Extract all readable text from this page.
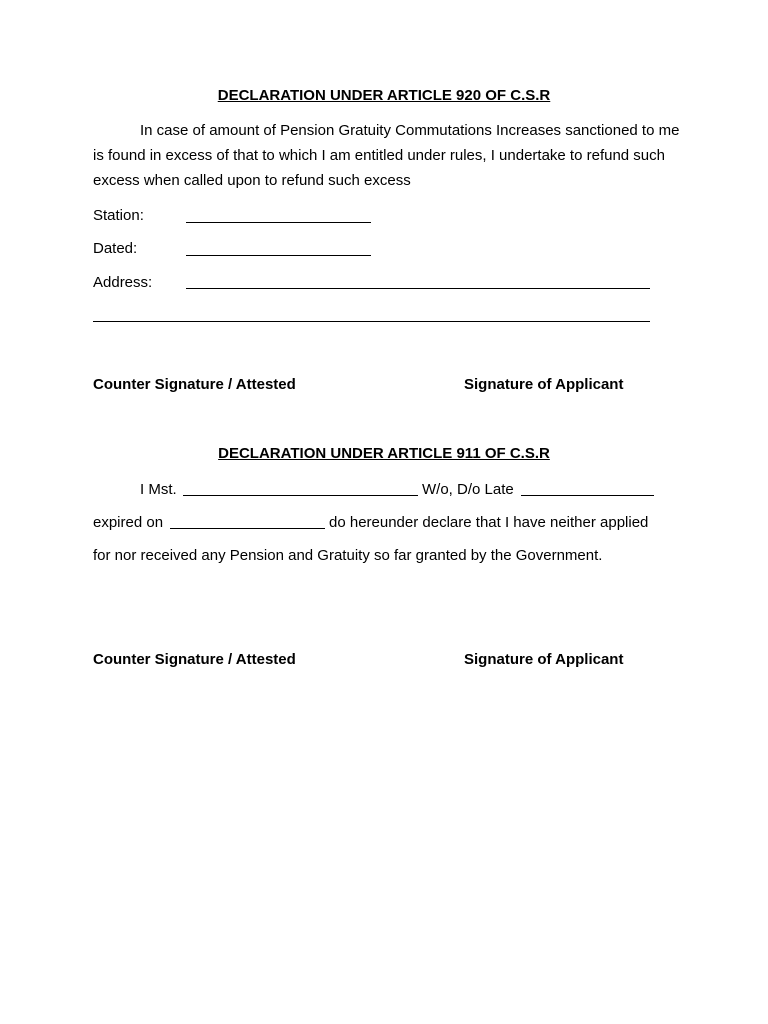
DECLARATION UNDER ARTICLE 920 OF C.S.R
In case of amount of Pension Gratuity Commutations Increases sanctioned to me is found in excess of that to which I am entitled under rules, I undertake to refund such excess when called upon to refund such excess
Station:
Dated:
Address:
Counter Signature / Attested	Signature of Applicant
DECLARATION UNDER ARTICLE 911 OF C.S.R
I Mst.	W/o, D/o Late
expired on	do hereunder declare that I have neither applied
for nor received any Pension and Gratuity so far granted by the Government.
Counter Signature / Attested	Signature of Applicant
